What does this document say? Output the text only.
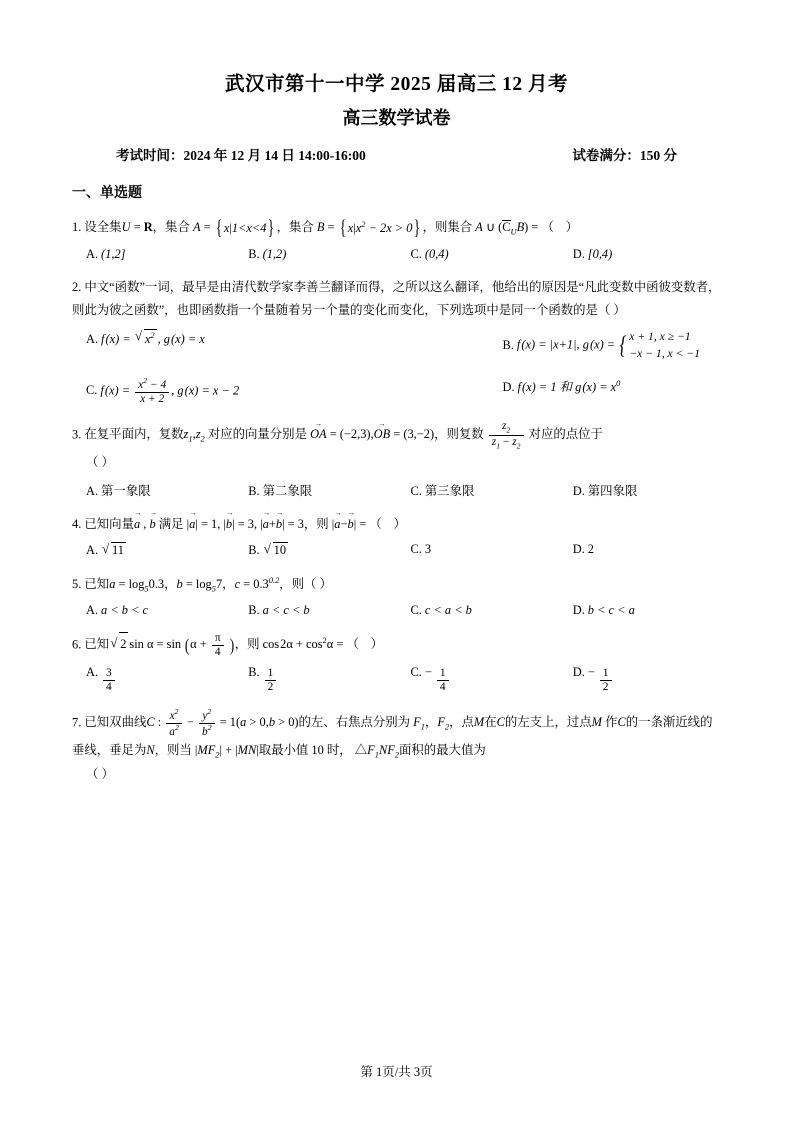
武汉市第十一中学 2025 届高三 12 月考
高三数学试卷
考试时间：2024 年 12 月 14 日 14:00-16:00	试卷满分：150 分
一、单选题
1. 设全集U = R，集合 A = { x | 1<x<4 } ，集合 B = { x | $x^2 - 2x > 0$ } ，则集合 A ∪ $(C_UB)$ = （ ）
A. (1,2]	B. (1,2)	C. (0,4)	D. [0,4)
2. 中文“函数”一词，最早是由清代数学家李善兰翻译而得，之所以这么翻译，他给出的原因是“凡此变数中函彼变数者，则此为彼之函数”，也即函数指一个量随着另一个量的变化而变化，下列选项中是同一个函数的是（ ）
A. f (x) = √ $x^2$ , g (x) = x	B. f (x) = |x+1|, g (x) = { x + 1, x ≥ −1
−x − 1, x < −1
C. f $(x) = \frac{x^2 - 4}{x + 2}$ , g (x) = x − 2	D. f (x) = 1 和 g $(x) = x^0$
3. 在复平面内，复数$z_1,z_2$ 对应的向量分别是 OA → = (−2,3),OB → = (3,−2)，则复数 $\frac{z_2}{z_1 - z_2}$ 对应的点位于
（ ）
A. 第一象限	B. 第二象限	C. 第三象限	D. 第四象限
4. 已知向量a → , b → 满足 |a →| = 1, |b →| = 3, |a →+b →| = 3，则 |a →−b →| = （ ）
A.	√ 11	B.	√ 10	C. 3	D. 2
5. 已知$a = \log_50.3$，$b = \log_57$，$c = 0.3^{0.2}$，则（ ）
A. a < b < c	B. a < c < b	C. c < a < b	D. b < c < a
6. 已知 √ 2 $\sin \alpha = \sin (\alpha + \frac{\pi}{4}$ )，则 cos $2\alpha + \cos^2\alpha$ = （ ）
A. $\frac{3}{4}$	B. $\frac{1}{2}$	C. − $\frac{1}{4}$	D. − $\frac{1}{2}$
7. 已知双曲线C : $\frac{x^2}{a^2} - \frac{y^2}{b^2} = 1(a > 0,b > 0)$的左、右焦点分别为 $F_1$，$F_2$，点M在C的左支上，过点M 作C的一条渐近线的垂线，垂足为N，则当 $|MF_2| + |MN|$取最小值 10 时， $\triangle F_1NF_2$面积的最大值为
（ ）
第 1页/共 3页
